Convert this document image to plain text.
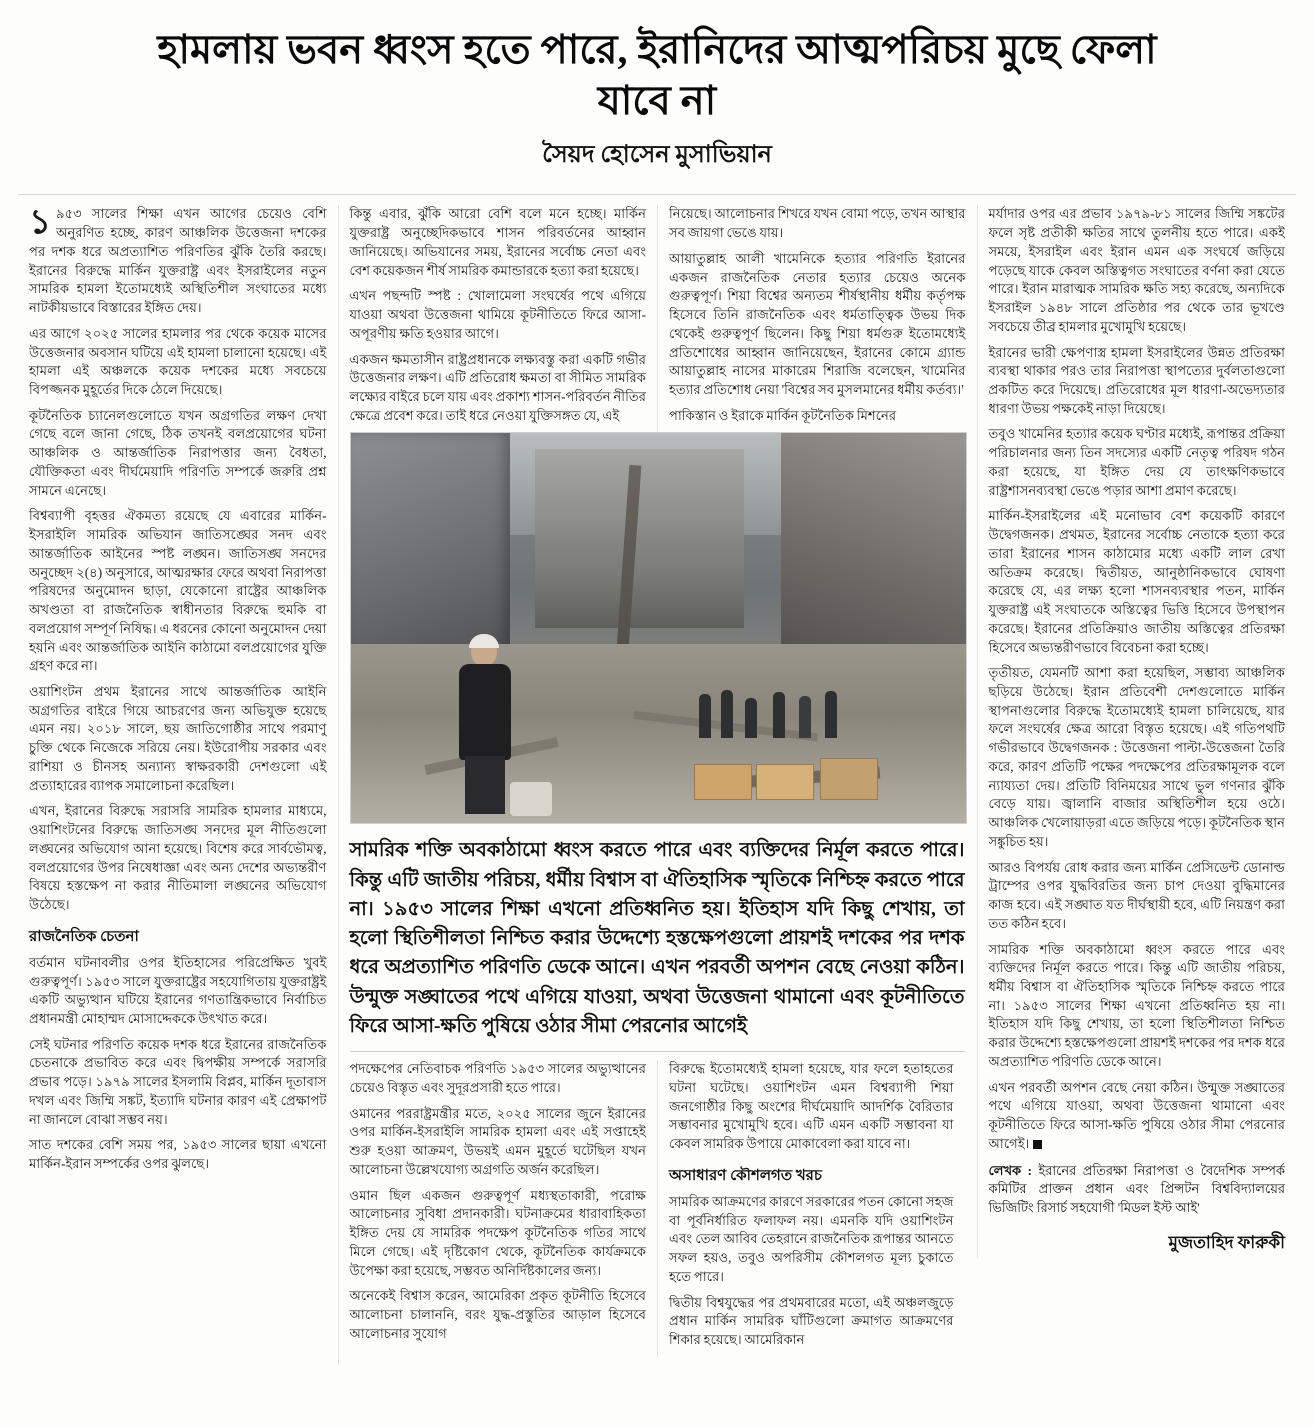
হামলায় ভবন ধ্বংস হতে পারে, ইরানিদের আত্মপরিচয় মুছে ফেলা যাবে না
সৈয়দ হোসেন মুসাভিয়ান

১৯৫৩ সালের শিক্ষা এখন আগের চেয়েও বেশি অনুরণিত হচ্ছে, কারণ আঞ্চলিক উত্তেজনা দশকের পর দশক ধরে অপ্রত্যাশিত পরিণতির ঝুঁকি তৈরি করছে। ইরানের বিরুদ্ধে মার্কিন যুক্তরাষ্ট্র এবং ইসরাইলের নতুন সামরিক হামলা ইতোমধ্যেই অস্থিতিশীল সংঘাতের মধ্যে নাটকীয়ভাবে বিস্তারের ইঙ্গিত দেয়।

এর আগে ২০২৫ সালের হামলার পর থেকে কয়েক মাসের উত্তেজনার অবসান ঘটিয়ে এই হামলা চালানো হয়েছে। এই হামলা এই অঞ্চলকে কয়েক দশকের মধ্যে সবচেয়ে বিপজ্জনক মুহূর্তের দিকে ঠেলে দিয়েছে।

কূটনৈতিক চ্যানেলগুলোতে যখন অগ্রগতির লক্ষণ দেখা গেছে বলে জানা গেছে, ঠিক তখনই বলপ্রয়োগের ঘটনা আঞ্চলিক ও আন্তর্জাতিক নিরাপত্তার জন্য বৈধতা, যৌক্তিকতা এবং দীর্ঘমেয়াদি পরিণতি সম্পর্কে জরুরি প্রশ্ন সামনে এনেছে।

বিশ্বব্যাপী বৃহত্তর ঐকমত্য রয়েছে যে এবারের মার্কিন-ইসরাইলি সামরিক অভিযান জাতিসঙ্ঘের সনদ এবং আন্তর্জাতিক আইনের স্পষ্ট লঙ্ঘন। জাতিসঙ্ঘ সনদের অনুচ্ছেদ ২(৪) অনুসারে, আত্মরক্ষার ফেরে অথবা নিরাপত্তা পরিষদের অনুমোদন ছাড়া, যেকোনো রাষ্ট্রের আঞ্চলিক অখণ্ডতা বা রাজনৈতিক স্বাধীনতার বিরুদ্ধে হুমকি বা বলপ্রয়োগ সম্পূর্ণ নিষিদ্ধ। এ ধরনের কোনো অনুমোদন দেয়া হয়নি এবং আন্তর্জাতিক আইনি কাঠামো বলপ্রয়োগের যুক্তি গ্রহণ করে না।

ওয়াশিংটন প্রথম ইরানের সাথে আন্তর্জাতিক আইনি অগ্রগতির বাইরে গিয়ে আচরণের জন্য অভিযুক্ত হয়েছে এমন নয়। ২০১৮ সালে, ছয় জাতিগোষ্ঠীর সাথে পরমাণু চুক্তি থেকে নিজেকে সরিয়ে নেয়। ইউরোপীয় সরকার এবং রাশিয়া ও চীনসহ অন্যান্য স্বাক্ষরকারী দেশগুলো এই প্রত্যাহারের ব্যাপক সমালোচনা করেছিল।

এখন, ইরানের বিরুদ্ধে সরাসরি সামরিক হামলার মাধ্যমে, ওয়াশিংটনের বিরুদ্ধে জাতিসঙ্ঘ সনদের মূল নীতিগুলো লঙ্ঘনের অভিযোগ আনা হয়েছে। বিশেষ করে সার্বভৌমত্ব, বলপ্রয়োগের উপর নিষেধাজ্ঞা এবং অন্য দেশের অভ্যন্তরীণ বিষয়ে হস্তক্ষেপ না করার নীতিমালা লঙ্ঘনের অভিযোগ উঠেছে।

রাজনৈতিক চেতনা

বর্তমান ঘটনাবলীর ওপর ইতিহাসের পরিপ্রেক্ষিত খুবই গুরুত্বপূর্ণ। ১৯৫৩ সালে যুক্তরাষ্ট্রের সহযোগিতায় যুক্তরাষ্ট্রই একটি অভ্যুত্থান ঘটিয়ে ইরানের গণতান্ত্রিকভাবে নির্বাচিত প্রধানমন্ত্রী মোহাম্মদ মোসাদ্দেককে উৎখাত করে।

সেই ঘটনার পরিণতি কয়েক দশক ধরে ইরানের রাজনৈতিক চেতনাকে প্রভাবিত করে এবং দ্বিপক্ষীয় সম্পর্কে সরাসরি প্রভাব পড়ে। ১৯৭৯ সালের ইসলামি বিপ্লব, মার্কিন দূতাবাস দখল এবং জিম্মি সঙ্কট, ইত্যাদি ঘটনার কারণ এই প্রেক্ষাপট না জানলে বোঝা সম্ভব নয়।

সাত দশকের বেশি সময় পর, ১৯৫৩ সালের ছায়া এখনো মার্কিন-ইরান সম্পর্কের ওপর ঝুলছে।

কিন্তু এবার, ঝুঁকি আরো বেশি বলে মনে হচ্ছে। মার্কিন যুক্তরাষ্ট্র অনুচ্ছেদিকভাবে শাসন পরিবর্তনের আহ্বান জানিয়েছে। অভিযানের সময়, ইরানের সর্বোচ্চ নেতা এবং বেশ কয়েকজন শীর্ষ সামরিক কমান্ডারকে হত্যা করা হয়েছে।

এখন পছন্দটি স্পষ্ট : খোলামেলা সংঘর্ষের পথে এগিয়ে যাওয়া অথবা উত্তেজনা থামিয়ে কূটনীতিতে ফিরে আসা-অপূরণীয় ক্ষতি হওয়ার আগে।

একজন ক্ষমতাসীন রাষ্ট্রপ্রধানকে লক্ষ্যবস্তু করা একটি গভীর উত্তেজনার লক্ষণ। এটি প্রতিরোধ ক্ষমতা বা সীমিত সামরিক লক্ষ্যের বাইরে চলে যায় এবং প্রকাশ্য শাসন-পরিবর্তন নীতির ক্ষেত্রে প্রবেশ করে। তাই ধরে নেওয়া যুক্তিসঙ্গত যে, এই

সামরিক শক্তি অবকাঠামো ধ্বংস করতে পারে এবং ব্যক্তিদের নির্মূল করতে পারে। কিন্তু এটি জাতীয় পরিচয়, ধর্মীয় বিশ্বাস বা ঐতিহাসিক স্মৃতিকে নিশ্চিহ্ন করতে পারে না। ১৯৫৩ সালের শিক্ষা এখনো প্রতিধ্বনিত হয়। ইতিহাস যদি কিছু শেখায়, তা হলো স্থিতিশীলতা নিশ্চিত করার উদ্দেশ্যে হস্তক্ষেপগুলো প্রায়শই দশকের পর দশক ধরে অপ্রত্যাশিত পরিণতি ডেকে আনে। এখন পরবর্তী অপশন বেছে নেওয়া কঠিন। উন্মুক্ত সঙ্ঘাতের পথে এগিয়ে যাওয়া, অথবা উত্তেজনা থামানো এবং কূটনীতিতে ফিরে আসা-ক্ষতি পুষিয়ে ওঠার সীমা পেরনোর আগেই

পদক্ষেপের নেতিবাচক পরিণতি ১৯৫৩ সালের অভ্যুত্থানের চেয়েও বিস্তৃত এবং সুদূরপ্রসারী হতে পারে।

ওমানের পররাষ্ট্রমন্ত্রীর মতে, ২০২৫ সালের জুনে ইরানের ওপর মার্কিন-ইসরাইলি সামরিক হামলা এবং এই সপ্তাহেই শুরু হওয়া আক্রমণ, উভয়ই এমন মুহূর্তে ঘটেছিল যখন আলোচনা উল্লেখযোগ্য অগ্রগতি অর্জন করেছিল।

ওমান ছিল একজন গুরুত্বপূর্ণ মধ্যস্থতাকারী, পরোক্ষ আলোচনার সুবিধা প্রদানকারী। ঘটনাক্রমের ধারাবাহিকতা ইঙ্গিত দেয় যে সামরিক পদক্ষেপ কূটনৈতিক গতির সাথে মিলে গেছে। এই দৃষ্টিকোণ থেকে, কূটনৈতিক কার্যক্রমকে উপেক্ষা করা হয়েছে, সম্ভবত অনির্দিষ্টকালের জন্য।

অনেকেই বিশ্বাস করেন, আমেরিকা প্রকৃত কূটনীতি হিসেবে আলোচনা চালাননি, বরং যুদ্ধ-প্রস্তুতির আড়াল হিসেবে আলোচনার সুযোগ

বিরুদ্ধে ইতোমধ্যেই হামলা হয়েছে, যার ফলে হতাহতের ঘটনা ঘটেছে। ওয়াশিংটন এমন বিশ্বব্যাপী শিয়া জনগোষ্ঠীর কিছু অংশের দীর্ঘমেয়াদি আদর্শিক বৈরিতার সম্ভাবনার মুখোমুখি হবে। এটি এমন একটি সম্ভাবনা যা কেবল সামরিক উপায়ে মোকাবেলা করা যাবে না।

অসাধারণ কৌশলগত খরচ

সামরিক আক্রমণের কারণে সরকারের পতন কোনো সহজ বা পূর্বনির্ধারিত ফলাফল নয়। এমনকি যদি ওয়াশিংটন এবং তেল আবিব তেহরানে রাজনৈতিক রূপান্তর আনতে সফল হয়ও, তবুও অপরিসীম কৌশলগত মূল্য চুকাতে হতে পারে।

দ্বিতীয় বিশ্বযুদ্ধের পর প্রথমবারের মতো, এই অঞ্চলজুড়ে প্রধান মার্কিন সামরিক ঘাঁটিগুলো ক্রমাগত আক্রমণের শিকার হয়েছে। আমেরিকান

নিয়েছে। আলোচনার শিখরে যখন বোমা পড়ে, তখন আস্থার সব জায়গা ভেঙে যায়।

আয়াতুল্লাহ আলী খামেনিকে হত্যার পরিণতি ইরানের একজন রাজনৈতিক নেতার হত্যার চেয়েও অনেক গুরুত্বপূর্ণ। শিয়া বিশ্বের অন্যতম শীর্ষস্থানীয় ধর্মীয় কর্তৃপক্ষ হিসেবে তিনি রাজনৈতিক এবং ধর্মতাত্ত্বিক উভয় দিক থেকেই গুরুত্বপূর্ণ ছিলেন। কিছু শিয়া ধর্মগুরু ইতোমধ্যেই প্রতিশোধের আহ্বান জানিয়েছেন, ইরানের কোমে গ্র্যান্ড আয়াতুল্লাহ নাসের মাকারেম শিরাজি বলেছেন, খামেনির হত্যার প্রতিশোধ নেয়া 'বিশ্বের সব মুসলমানের ধর্মীয় কর্তব্য।'

পাকিস্তান ও ইরাকে মার্কিন কূটনৈতিক মিশনের

মর্যাদার ওপর এর প্রভাব ১৯৭৯-৮১ সালের জিম্মি সঙ্কটের ফলে সৃষ্ট প্রতীকী ক্ষতির সাথে তুলনীয় হতে পারে। একই সময়ে, ইসরাইল এবং ইরান এমন এক সংঘর্ষে জড়িয়ে পড়েছে যাকে কেবল অস্তিত্বগত সংঘাতের বর্ণনা করা যেতে পারে। ইরান মারাত্মক সামরিক ক্ষতি সহ্য করেছে, অন্যদিকে ইসরাইল ১৯৪৮ সালে প্রতিষ্ঠার পর থেকে তার ভূখণ্ডে সবচেয়ে তীব্র হামলার মুখোমুখি হয়েছে।

ইরানের ভারী ক্ষেপণাস্ত্র হামলা ইসরাইলের উন্নত প্রতিরক্ষা ব্যবস্থা থাকার পরও তার নিরাপত্তা স্থাপত্যের দুর্বলতাগুলো প্রকটিত করে দিয়েছে। প্রতিরোধের মূল ধারণা-অভেদ্যতার ধারণা উভয় পক্ষকেই নাড়া দিয়েছে।

তবুও খামেনির হত্যার কয়েক ঘণ্টার মধ্যেই, রূপান্তর প্রক্রিয়া পরিচালনার জন্য তিন সদস্যের একটি নেতৃত্ব পরিষদ গঠন করা হয়েছে, যা ইঙ্গিত দেয় যে তাৎক্ষণিকভাবে রাষ্ট্রশাসনব্যবস্থা ভেঙে পড়ার আশা প্রমাণ করেছে।

মার্কিন-ইসরাইলের এই মনোভাব বেশ কয়েকটি কারণে উদ্বেগজনক। প্রথমত, ইরানের সর্বোচ্চ নেতাকে হত্যা করে তারা ইরানের শাসন কাঠামোর মধ্যে একটি লাল রেখা অতিক্রম করেছে। দ্বিতীয়ত, আনুষ্ঠানিকভাবে ঘোষণা করেছে যে, এর লক্ষ্য হলো শাসনব্যবস্থার পতন, মার্কিন যুক্তরাষ্ট্র এই সংঘাতকে অস্তিত্বের ভিত্তি হিসেবে উপস্থাপন করেছে। ইরানের প্রতিক্রিয়াও জাতীয় অস্তিত্বের প্রতিরক্ষা হিসেবে অভ্যন্তরীণভাবে বিবেচনা করা হচ্ছে।

তৃতীয়ত, যেমনটি আশা করা হয়েছিল, সম্ভাব্য আঞ্চলিক ছড়িয়ে উঠেছে। ইরান প্রতিবেশী দেশগুলোতে মার্কিন স্থাপনাগুলোর বিরুদ্ধে ইতোমধ্যেই হামলা চালিয়েছে, যার ফলে সংঘর্ষের ক্ষেত্র আরো বিস্তৃত হয়েছে। এই গতিপথটি গভীরভাবে উদ্বেগজনক : উত্তেজনা পাল্টা-উত্তেজনা তৈরি করে, কারণ প্রতিটি পক্ষের পদক্ষেপের প্রতিরক্ষামূলক বলে ন্যায্যতা দেয়। প্রতিটি বিনিময়ের সাথে ভুল গণনার ঝুঁকি বেড়ে যায়। জ্বালানি বাজার অস্থিতিশীল হয়ে ওঠে। আঞ্চলিক খেলোয়াড়রা এতে জড়িয়ে পড়ে। কূটনৈতিক স্থান সঙ্কুচিত হয়।

আরও বিপর্যয় রোধ করার জন্য মার্কিন প্রেসিডেন্ট ডোনাল্ড ট্রাম্পের ওপর যুদ্ধবিরতির জন্য চাপ দেওয়া বুদ্ধিমানের কাজ হবে। এই সঙ্ঘাত যত দীর্ঘস্থায়ী হবে, এটি নিয়ন্ত্রণ করা তত কঠিন হবে।

সামরিক শক্তি অবকাঠামো ধ্বংস করতে পারে এবং ব্যক্তিদের নির্মূল করতে পারে। কিন্তু এটি জাতীয় পরিচয়, ধর্মীয় বিশ্বাস বা ঐতিহাসিক স্মৃতিকে নিশ্চিহ্ন করতে পারে না। ১৯৫৩ সালের শিক্ষা এখনো প্রতিধ্বনিত হয় না। ইতিহাস যদি কিছু শেখায়, তা হলো স্থিতিশীলতা নিশ্চিত করার উদ্দেশ্যে হস্তক্ষেপগুলো প্রায়শই দশকের পর দশক ধরে অপ্রত্যাশিত পরিণতি ডেকে আনে।

এখন পরবর্তী অপশন বেছে নেয়া কঠিন। উন্মুক্ত সঙ্ঘাতের পথে এগিয়ে যাওয়া, অথবা উত্তেজনা থামানো এবং কূটনীতিতে ফিরে আসা-ক্ষতি পুষিয়ে ওঠার সীমা পেরনোর আগেই।

লেখক : ইরানের প্রতিরক্ষা নিরাপত্তা ও বৈদেশিক সম্পর্ক কমিটির প্রাক্তন প্রধান এবং প্রিন্সটন বিশ্ববিদ্যালয়ের ভিজিটিং রিসার্চ সহযোগী 'মিডল ইস্ট আই'

মুজতাহিদ ফারুকী
